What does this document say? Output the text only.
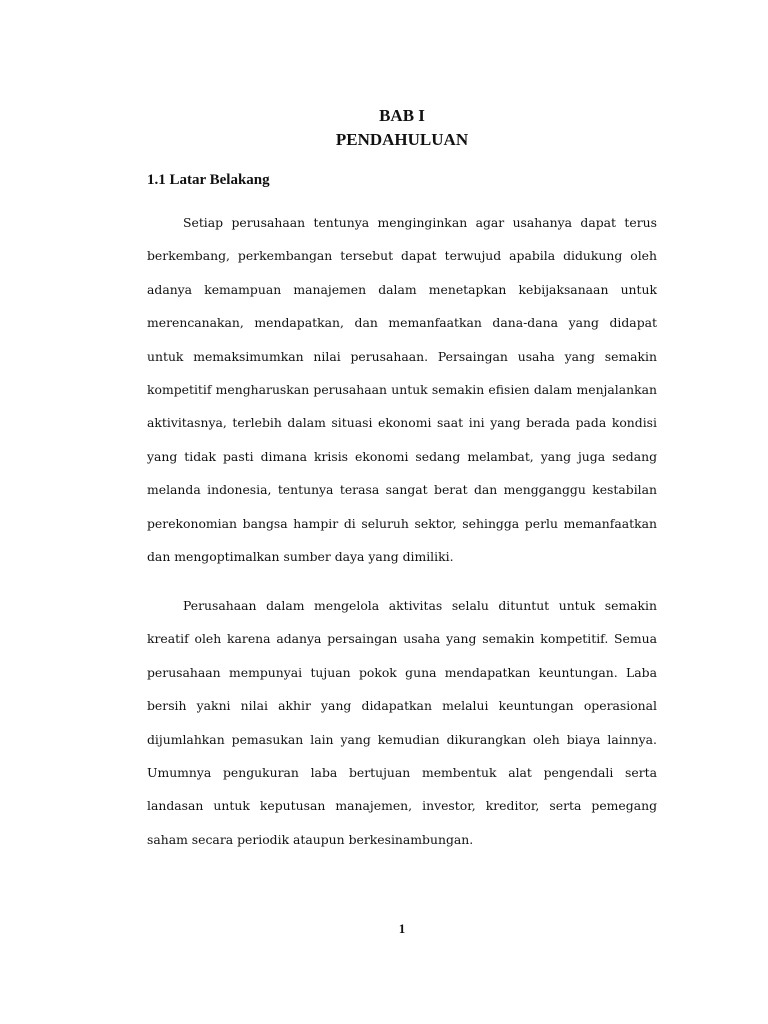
BAB I

PENDAHULUAN

1.1 Latar Belakang

Setiap perusahaan tentunya menginginkan agar usahanya dapat terus berkembang, perkembangan tersebut dapat terwujud apabila didukung oleh adanya kemampuan manajemen dalam menetapkan kebijaksanaan untuk merencanakan, mendapatkan, dan memanfaatkan dana-dana yang didapat untuk memaksimumkan nilai perusahaan. Persaingan usaha yang semakin kompetitif mengharuskan perusahaan untuk semakin efisien dalam menjalankan aktivitasnya, terlebih dalam situasi ekonomi saat ini yang berada pada kondisi yang tidak pasti dimana krisis ekonomi sedang melambat, yang juga sedang melanda indonesia, tentunya terasa sangat berat dan mengganggu kestabilan perekonomian bangsa hampir di seluruh sektor, sehingga perlu memanfaatkan dan mengoptimalkan sumber daya yang dimiliki.

Perusahaan dalam mengelola aktivitas selalu dituntut untuk semakin kreatif oleh karena adanya persaingan usaha yang semakin kompetitif. Semua perusahaan mempunyai tujuan pokok guna mendapatkan keuntungan. Laba bersih yakni nilai akhir yang didapatkan melalui keuntungan operasional dijumlahkan pemasukan lain yang kemudian dikurangkan oleh biaya lainnya. Umumnya pengukuran laba bertujuan membentuk alat pengendali serta landasan untuk keputusan manajemen, investor, kreditor, serta pemegang saham secara periodik ataupun berkesinambungan.

1
